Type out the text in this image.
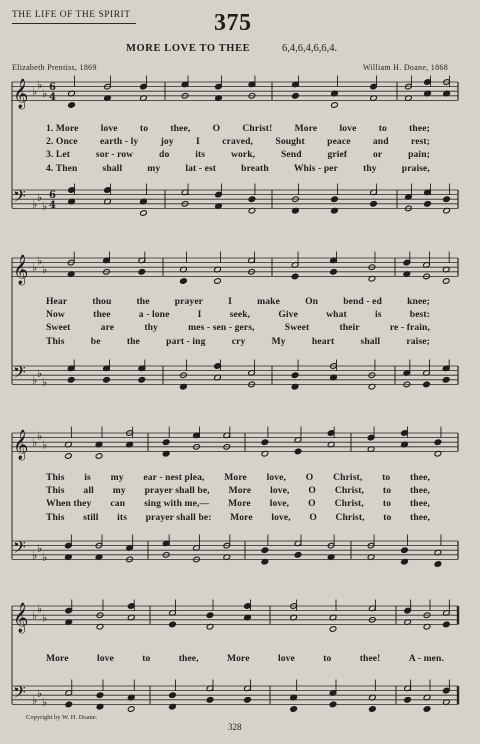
THE LIFE OF THE SPIRIT	375
MORE LOVE TO THEE	6,4,6,4,6,6,4.
Elizabeth Prentiss, 1869	William H. Doane, 1868
𝄞 ♭
♭
♭
𝄢 ♭
♭
♭
6
4
6
4
𝄞 ♭
♭
♭
𝄢 ♭
♭
♭
𝄞 ♭
♭
♭
𝄢 ♭
♭
♭
𝄞 ♭
♭
♭
𝄢 ♭
♭
♭
1. More love to thee, O Christ! More love to thee;
2. Once earth - ly joy I craved, Sought peace and rest;
3. Let	sor - row	do	its	work,	Send	grief	or	pain;
4. Then	shall	my	lat - est	breath	Whis - per	thy	praise,
Hear	thou	the	prayer	I	make	On	bend - ed	knee;
Now	thee	a - lone	I	seek,	Give	what	is	best:
Sweet	are	thy	mes - sen - gers,	Sweet	their	re - frain,
This	be	the	part - ing	cry	My	heart	shall	raise;
This is my ear - nest plea, More love, O Christ, to thee,
This all my prayer shall be, More love, O Christ, to thee,
When they can sing with me,— More love, O Christ, to thee,
This still its prayer shall be: More love, O Christ, to thee,
More	love	to	thee,	More	love	to	thee!	A - men.
Copyright by W. H. Doane.
328
